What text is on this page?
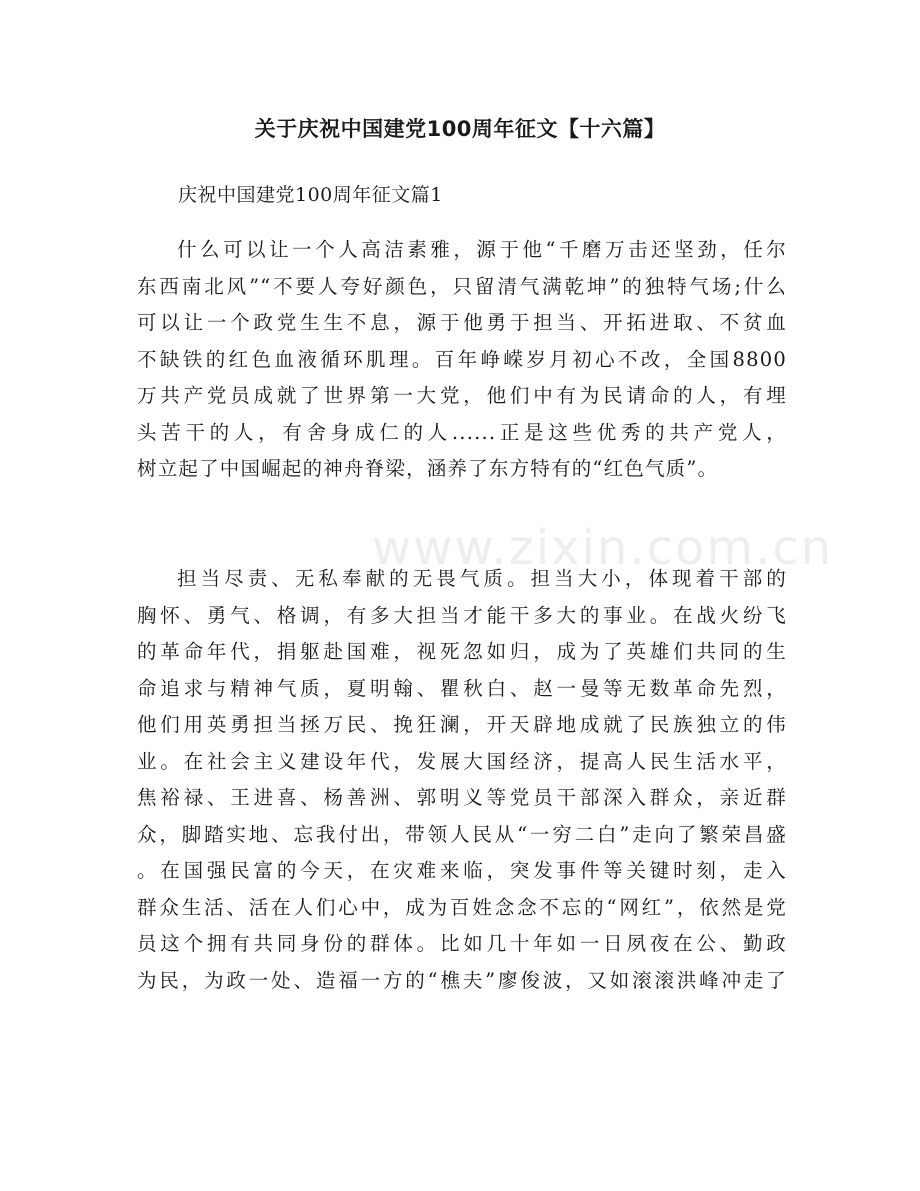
关于庆祝中国建党100周年征文【十六篇】
庆祝中国建党100周年征文篇1

什么可以让一个人高洁素雅，源于他“千磨万击还坚劲，任尔
东西南北风”“不要人夸好颜色，只留清气满乾坤”的独特气场;什么
可以让一个政党生生不息，源于他勇于担当、开拓进取、不贫血
不缺铁的红色血液循环肌理。百年峥嵘岁月初心不改，全国8800
万共产党员成就了世界第一大党，他们中有为民请命的人，有埋
头苦干的人，有舍身成仁的人......正是这些优秀的共产党人，
树立起了中国崛起的神舟脊梁，涵养了东方特有的“红色气质”。

担当尽责、无私奉献的无畏气质。担当大小，体现着干部的
胸怀、勇气、格调，有多大担当才能干多大的事业。在战火纷飞
的革命年代，捐躯赴国难，视死忽如归，成为了英雄们共同的生
命追求与精神气质，夏明翰、瞿秋白、赵一曼等无数革命先烈，
他们用英勇担当拯万民、挽狂澜，开天辟地成就了民族独立的伟
业。在社会主义建设年代，发展大国经济，提高人民生活水平，
焦裕禄、王进喜、杨善洲、郭明义等党员干部深入群众，亲近群
众，脚踏实地、忘我付出，带领人民从“一穷二白”走向了繁荣昌盛
。在国强民富的今天，在灾难来临，突发事件等关键时刻，走入
群众生活、活在人们心中，成为百姓念念不忘的“网红”，依然是党
员这个拥有共同身份的群体。比如几十年如一日夙夜在公、勤政
为民，为政一处、造福一方的“樵夫”廖俊波，又如滚滚洪峰冲走了

www.zixin.com.cn
